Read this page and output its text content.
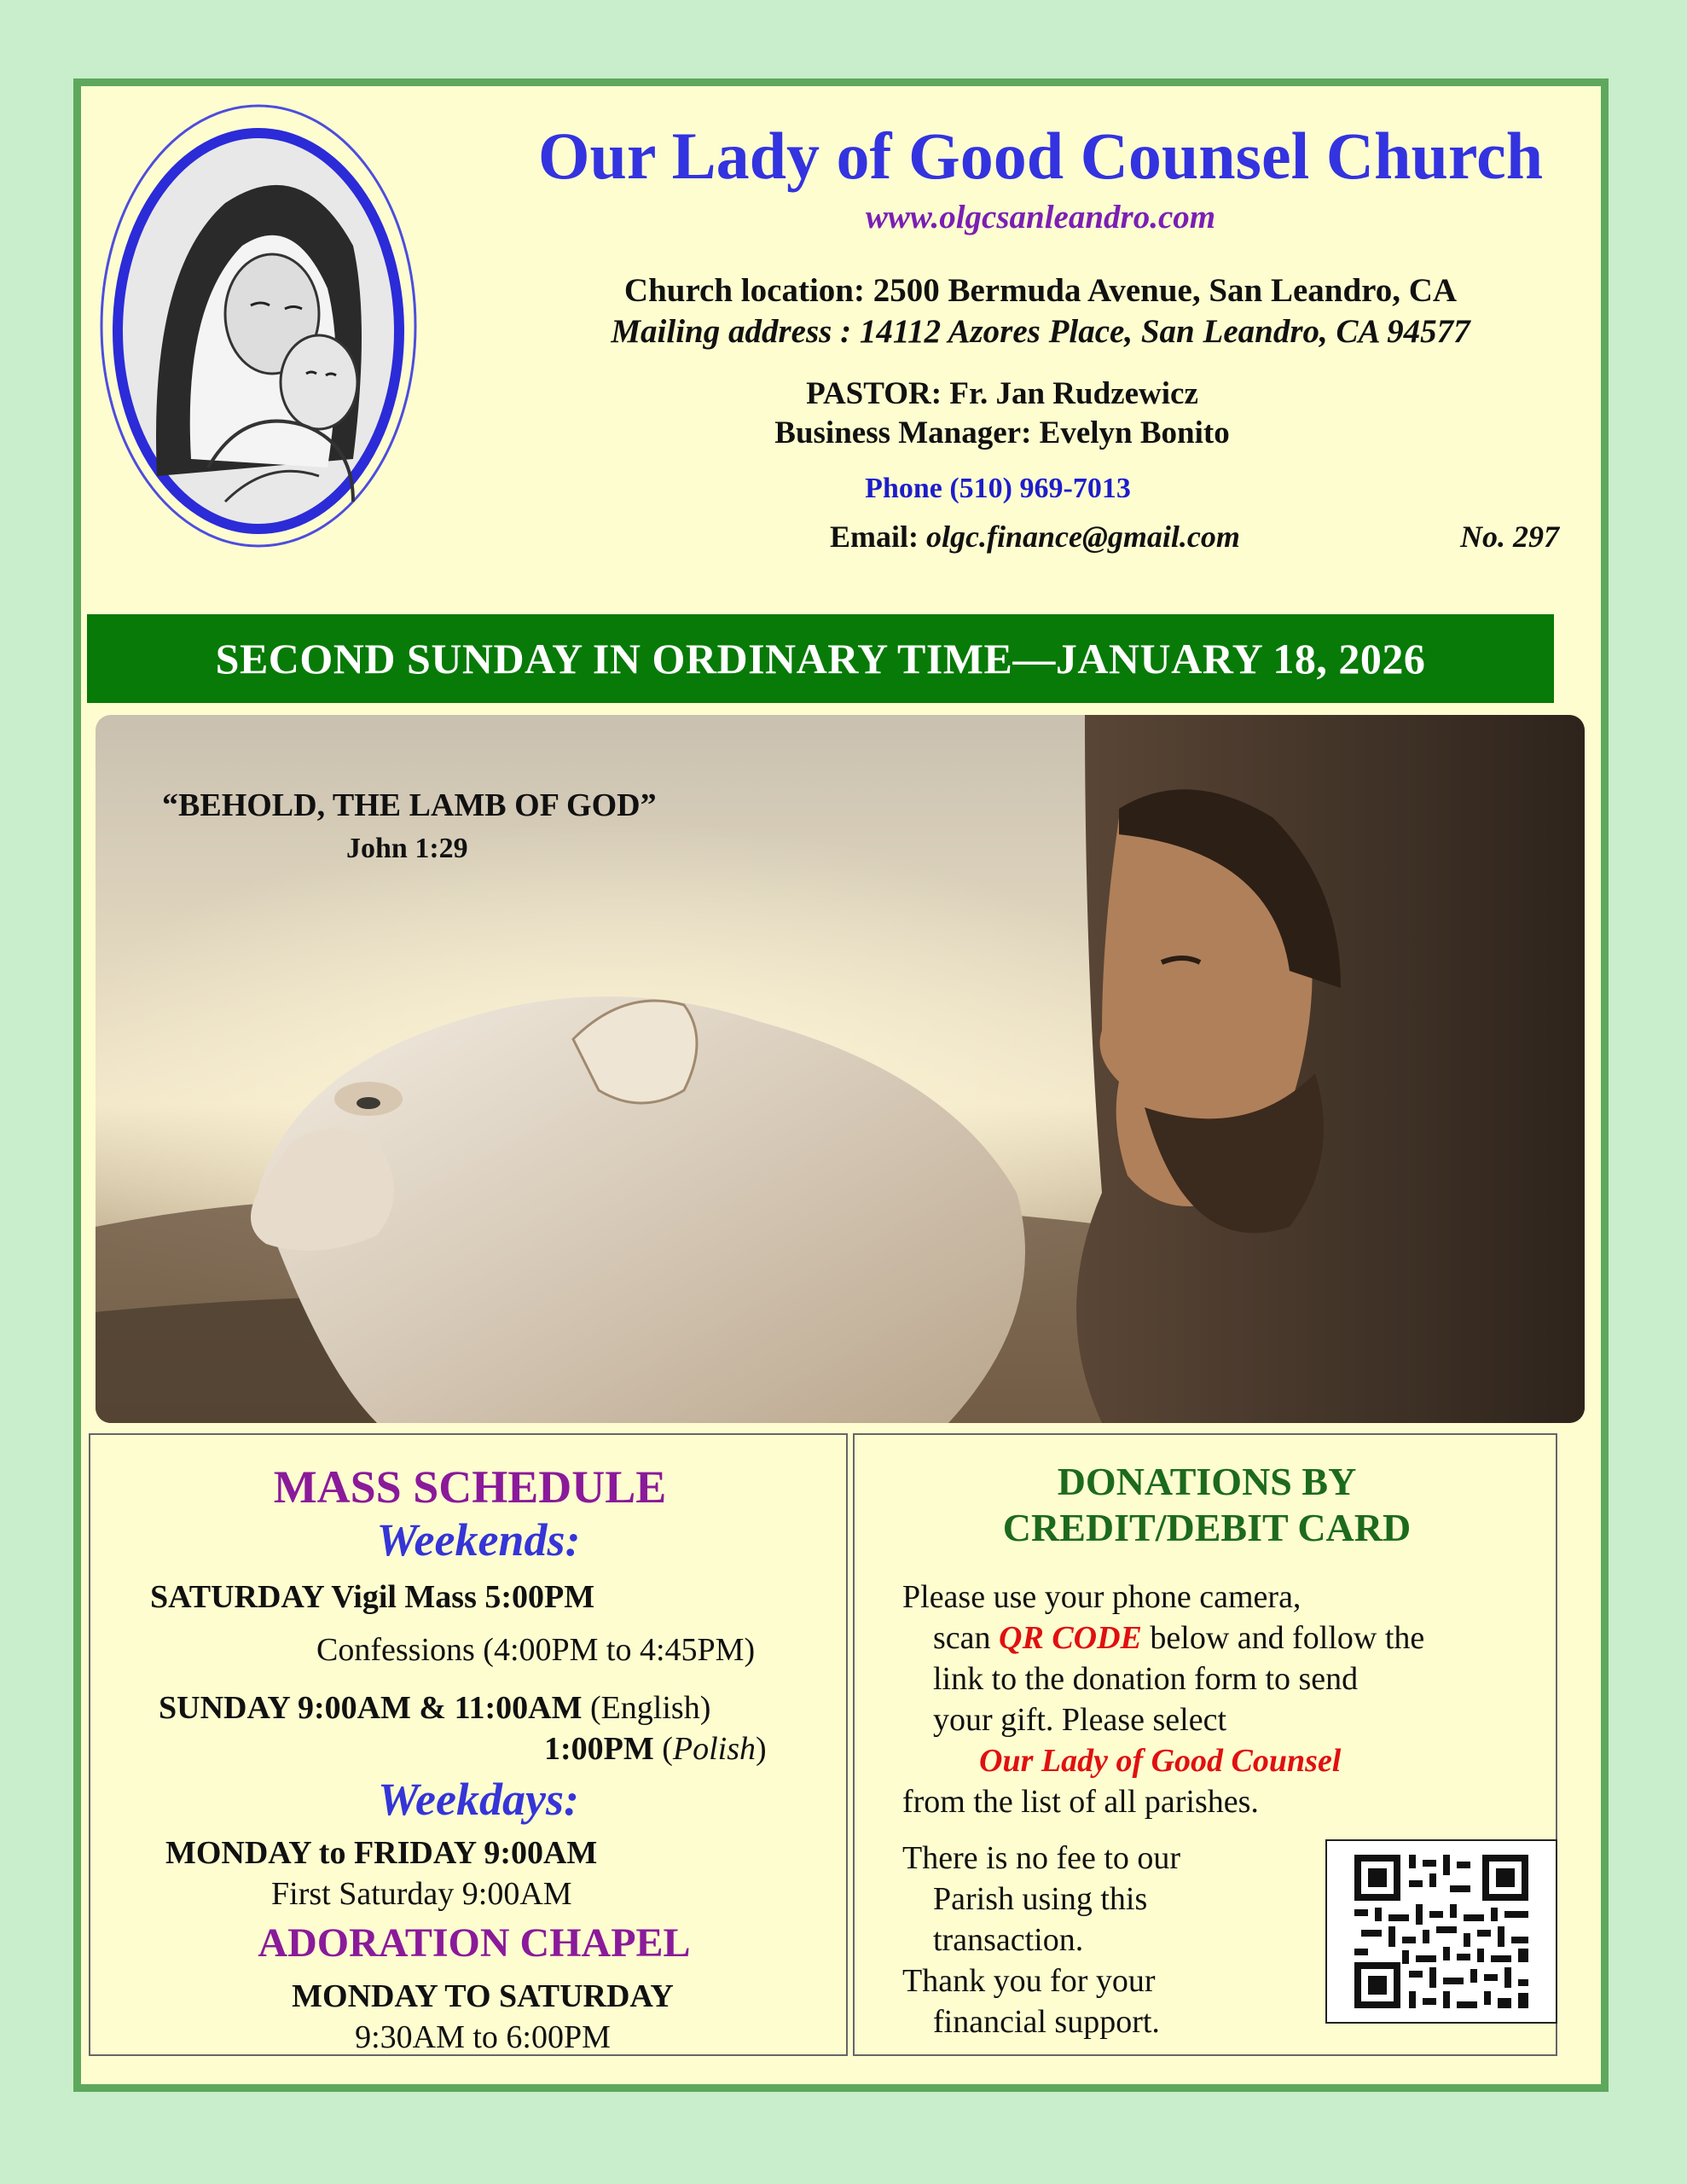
Our Lady of Good Counsel Church
www.olgcsanleandro.com
Church location: 2500 Bermuda Avenue, San Leandro, CA
Mailing address : 14112 Azores Place, San Leandro, CA 94577
PASTOR: Fr. Jan Rudzewicz
Business Manager: Evelyn Bonito
Phone (510) 969-7013
Email: olgc.finance@gmail.com	No. 297
SECOND SUNDAY IN ORDINARY TIME—JANUARY 18, 2026
“BEHOLD, THE LAMB OF GOD”
John 1:29
MASS SCHEDULE
Weekends:
SATURDAY Vigil Mass 5:00PM
Confessions (4:00PM to 4:45PM)
SUNDAY 9:00AM & 11:00AM (English)
1:00PM (Polish)
Weekdays:
MONDAY to FRIDAY 9:00AM
First Saturday 9:00AM
ADORATION CHAPEL
MONDAY TO SATURDAY
9:30AM to 6:00PM
DONATIONS BY
CREDIT/DEBIT CARD
Please use your phone camera,
scan QR CODE below and follow the
link to the donation form to send
your gift. Please select
Our Lady of Good Counsel
from the list of all parishes.
There is no fee to our
Parish using this
transaction.
Thank you for your
financial support.
